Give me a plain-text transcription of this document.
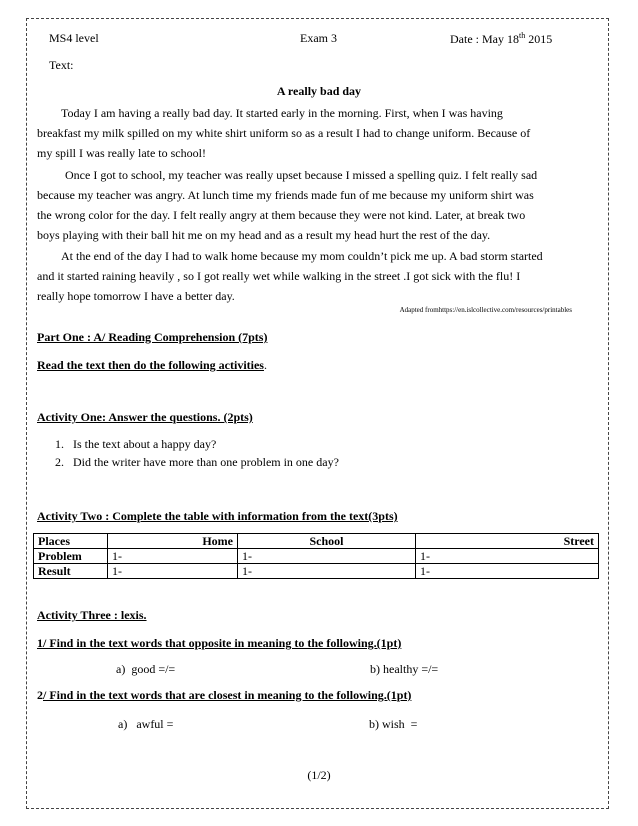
MS4 level	Exam 3	Date : May 18th 2015
Text:
A really bad day
Today I am having a really bad day. It started early in the morning. First, when I was having
breakfast my milk spilled on my white shirt uniform so as a result I had to change uniform. Because of
my spill I was really late to school!
Once I got to school, my teacher was really upset because I missed a spelling quiz. I felt really sad
because my teacher was angry. At lunch time my friends made fun of me because my uniform shirt was
the wrong color for the day. I felt really angry at them because they were not kind. Later, at break two
boys playing with their ball hit me on my head and as a result my head hurt the rest of the day.
At the end of the day I had to walk home because my mom couldn’t pick me up. A bad storm started
and it started raining heavily , so I got really wet while walking in the street .I got sick with the flu! I
really hope tomorrow I have a better day.
Adapted fromhttps://en.islcollective.com/resources/printables
Part One : A/ Reading Comprehension (7pts)
Read the text then do the following activities.
Activity One: Answer the questions. (2pts)
1.   Is the text about a happy day?
2.   Did the writer have more than one problem in one day?
Activity Two : Complete the table with information from the text(3pts)
Places	Home	School	Street
Problem	1-	1-	1-
Result	1-	1-	1-
Activity Three : lexis.
1/ Find in the text words that opposite in meaning to the following.(1pt)
a)  good =/=	b) healthy =/=
2/ Find in the text words that are closest in meaning to the following.(1pt)
a)   awful =	b) wish  =
(1/2)
